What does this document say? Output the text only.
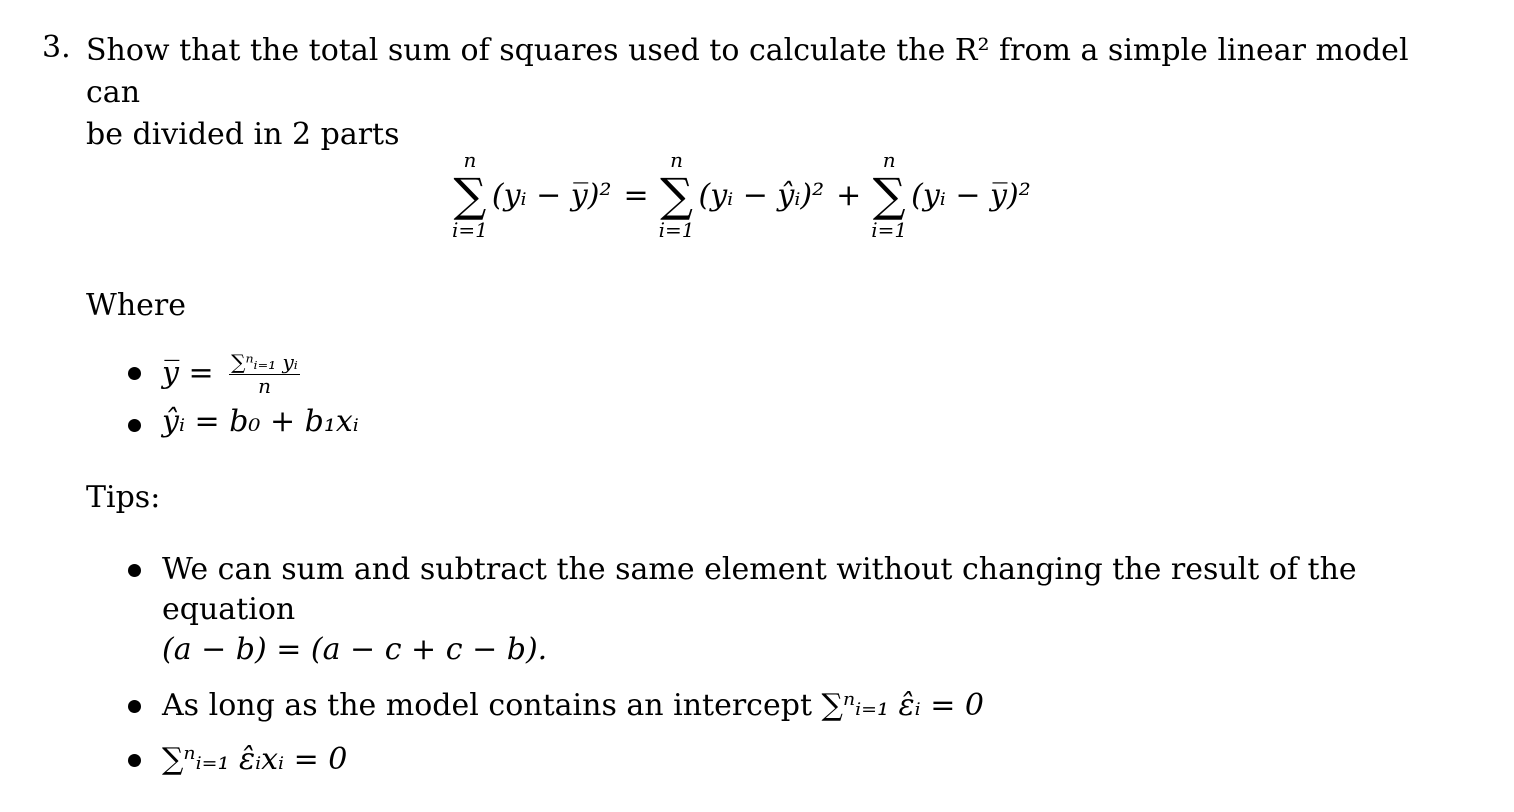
3. Show that the total sum of squares used to calculate the R² from a simple linear model can
be divided in 2 parts
n
∑
i=1
(yᵢ − y̅)² =
n
∑
i=1
(yᵢ − ŷᵢ)² +
n
∑
i=1
(yᵢ − y̅)²
Where
y̅ = $\frac{\text{∑ⁿᵢ₌₁ yᵢ}}{n}$
ŷᵢ = b₀ + b₁xᵢ
Tips:
We can sum and subtract the same element without changing the result of the equation
(a − b) = (a − c + c − b).
As long as the model contains an intercept ∑ⁿᵢ₌₁ ε̂ᵢ = 0
∑ⁿᵢ₌₁ ε̂ᵢxᵢ = 0
